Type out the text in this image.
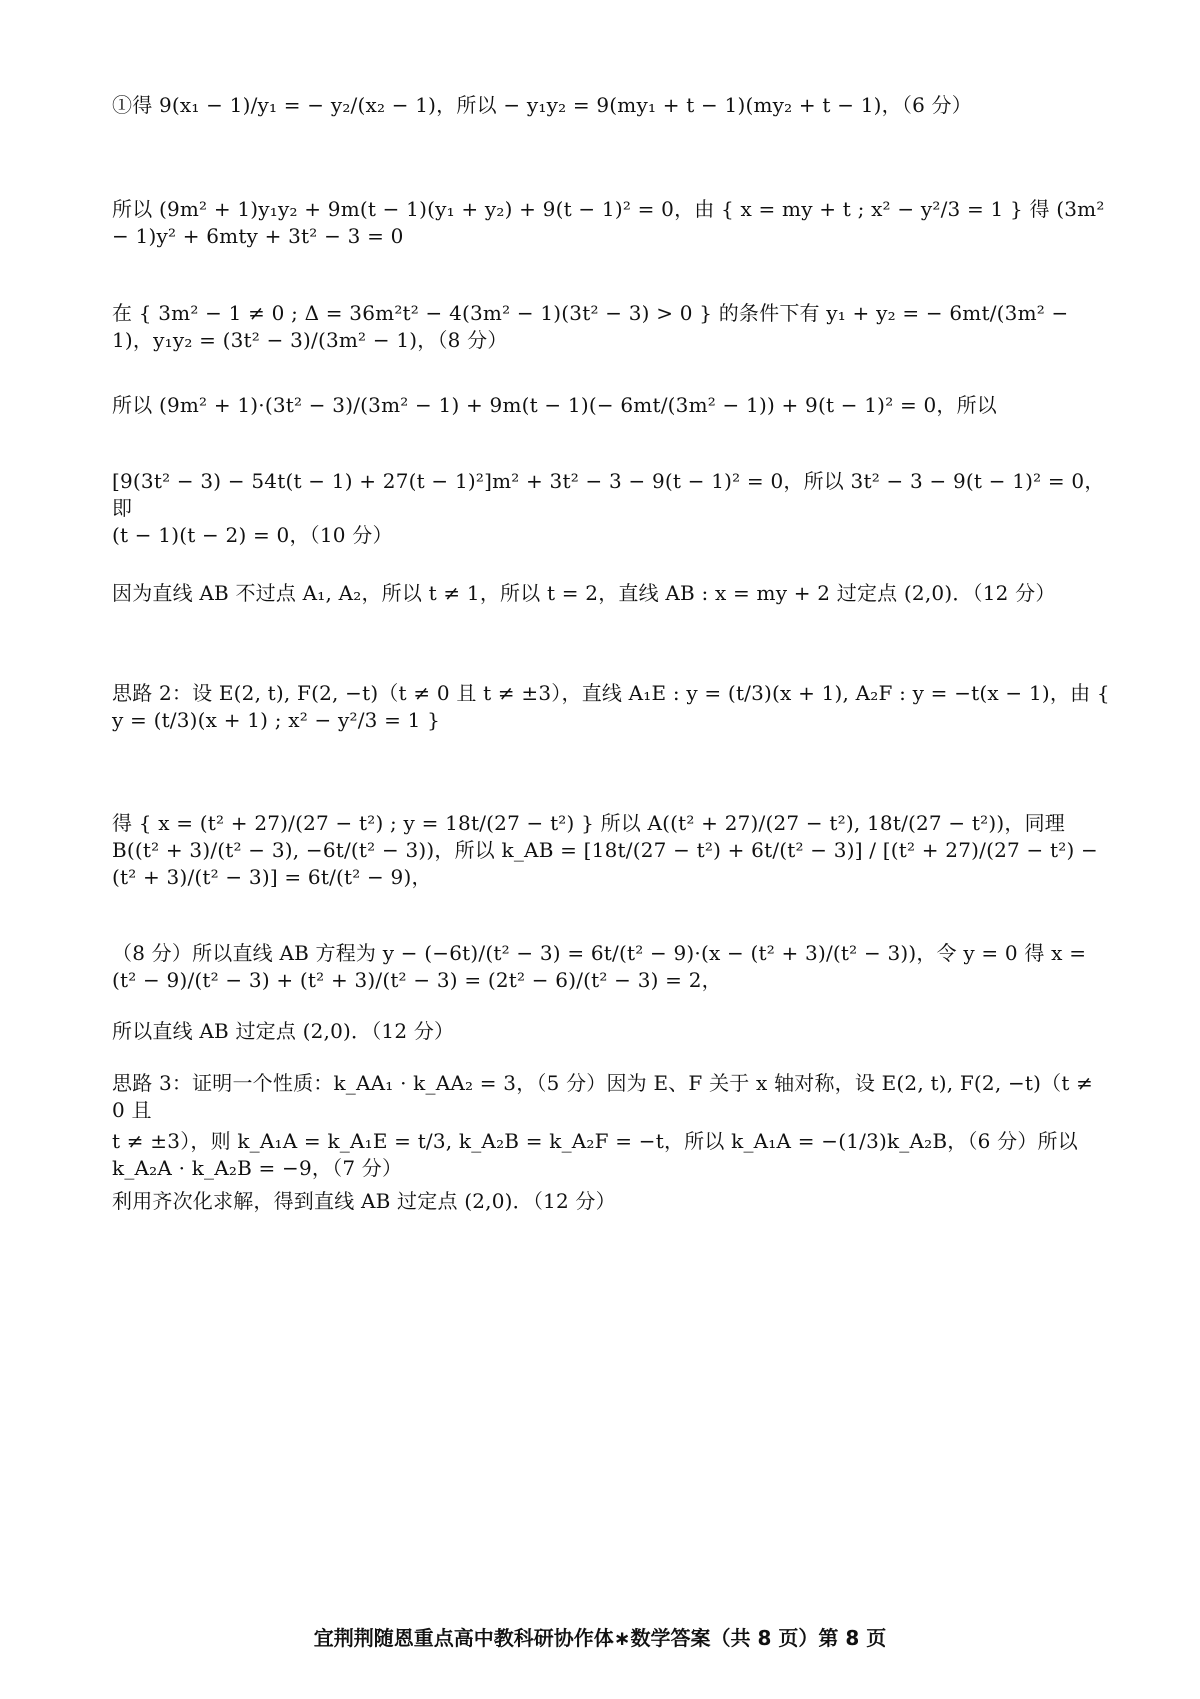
①得 9(x₁ − 1)/y₁ = − y₂/(x₂ − 1)，所以 − y₁y₂ = 9(my₁ + t − 1)(my₂ + t − 1)，（6 分）
所以 (9m² + 1)y₁y₂ + 9m(t − 1)(y₁ + y₂) + 9(t − 1)² = 0，由 { x = my + t ; x² − y²/3 = 1 } 得 (3m² − 1)y² + 6mty + 3t² − 3 = 0
在 { 3m² − 1 ≠ 0 ; Δ = 36m²t² − 4(3m² − 1)(3t² − 3) > 0 } 的条件下有 y₁ + y₂ = − 6mt/(3m² − 1)，y₁y₂ = (3t² − 3)/(3m² − 1)，（8 分）
所以 (9m² + 1)·(3t² − 3)/(3m² − 1) + 9m(t − 1)(− 6mt/(3m² − 1)) + 9(t − 1)² = 0，所以
[9(3t² − 3) − 54t(t − 1) + 27(t − 1)²]m² + 3t² − 3 − 9(t − 1)² = 0，所以 3t² − 3 − 9(t − 1)² = 0，即
(t − 1)(t − 2) = 0，（10 分）
因为直线 AB 不过点 A₁, A₂，所以 t ≠ 1，所以 t = 2，直线 AB : x = my + 2 过定点 (2,0)．（12 分）
思路 2：设 E(2, t), F(2, −t)（t ≠ 0 且 t ≠ ±3），直线 A₁E : y = (t/3)(x + 1), A₂F : y = −t(x − 1)，由 { y = (t/3)(x + 1) ; x² − y²/3 = 1 }
得 { x = (t² + 27)/(27 − t²) ; y = 18t/(27 − t²) } 所以 A((t² + 27)/(27 − t²), 18t/(27 − t²))，同理 B((t² + 3)/(t² − 3), −6t/(t² − 3))，所以 k_AB = [18t/(27 − t²) + 6t/(t² − 3)] / [(t² + 27)/(27 − t²) − (t² + 3)/(t² − 3)] = 6t/(t² − 9)，
（8 分）所以直线 AB 方程为 y − (−6t)/(t² − 3) = 6t/(t² − 9)·(x − (t² + 3)/(t² − 3))，令 y = 0 得 x = (t² − 9)/(t² − 3) + (t² + 3)/(t² − 3) = (2t² − 6)/(t² − 3) = 2，
所以直线 AB 过定点 (2,0)．（12 分）
思路 3：证明一个性质：k_AA₁ · k_AA₂ = 3，（5 分）因为 E、F 关于 x 轴对称，设 E(2, t), F(2, −t)（t ≠ 0 且
t ≠ ±3），则 k_A₁A = k_A₁E = t/3, k_A₂B = k_A₂F = −t，所以 k_A₁A = −(1/3)k_A₂B，（6 分）所以 k_A₂A · k_A₂B = −9，（7 分）
利用齐次化求解，得到直线 AB 过定点 (2,0)．（12 分）
宜荆荆随恩重点高中教科研协作体∗数学答案（共 8 页）第 8 页
